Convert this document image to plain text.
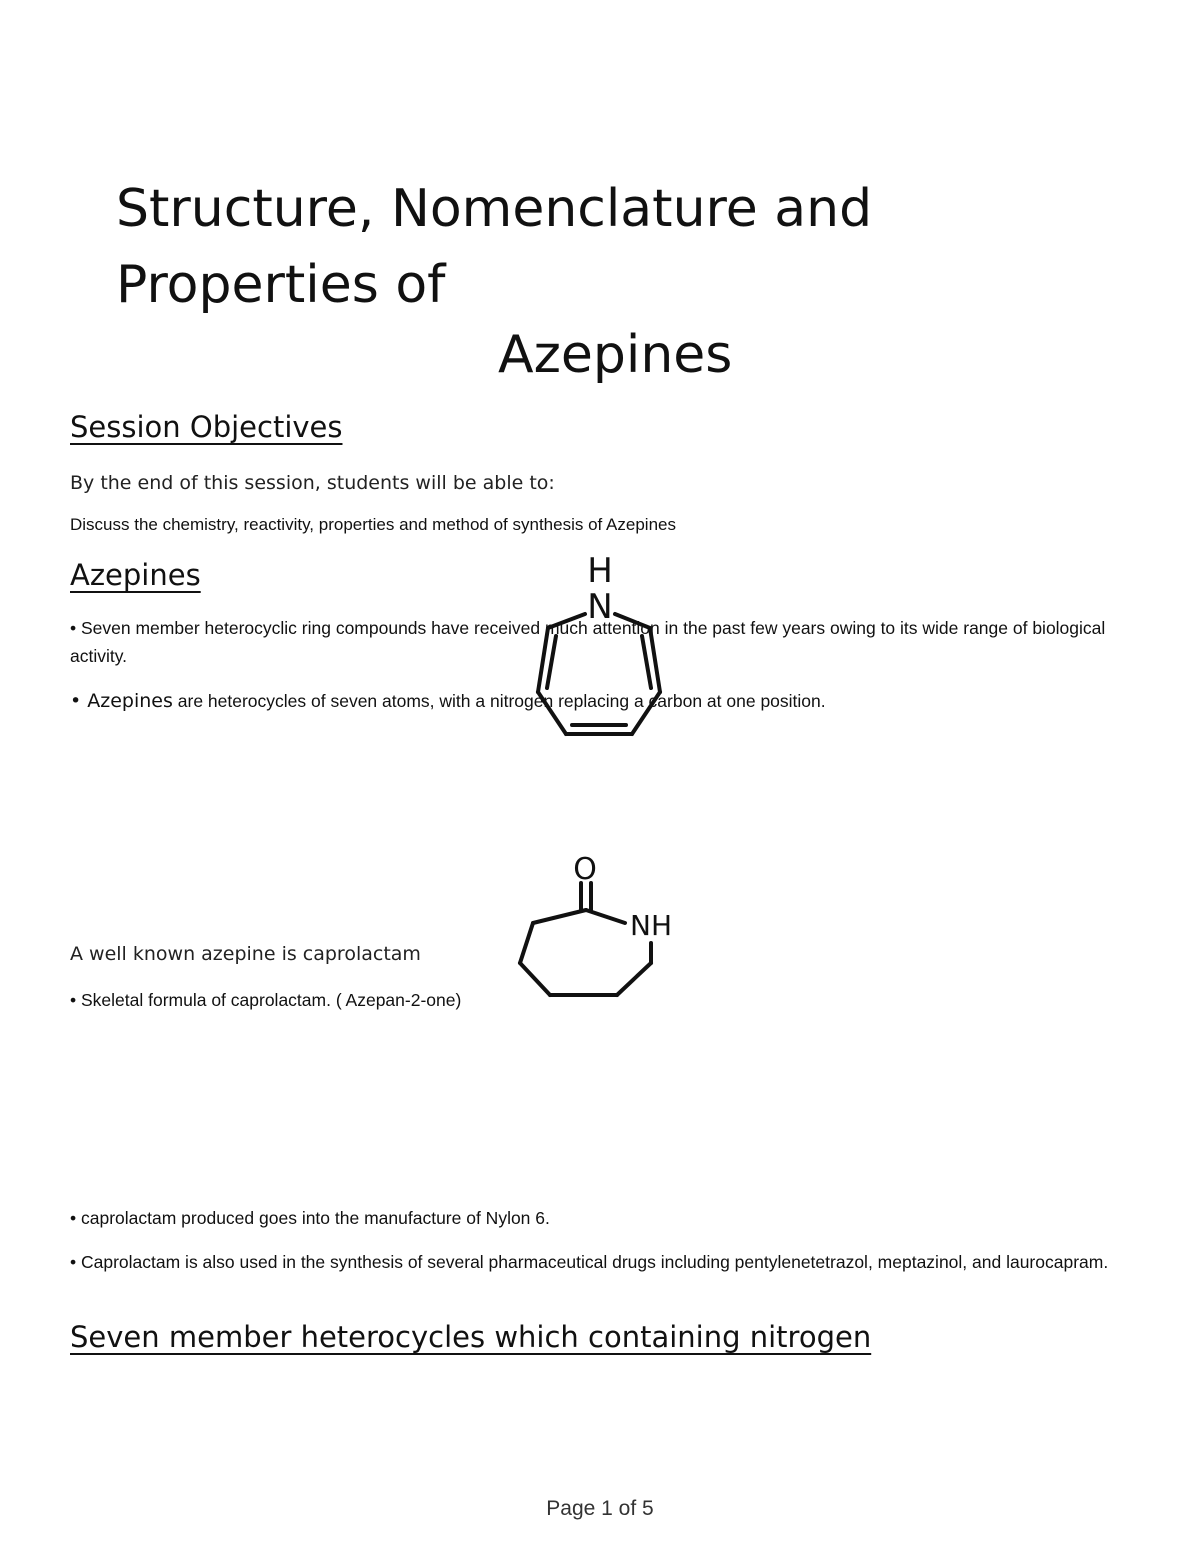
Structure, Nomenclature and
Properties of
Azepines
Session Objectives
By the end of this session, students will be able to:
Discuss the chemistry, reactivity, properties and method of synthesis of Azepines
Azepines
• Seven member heterocyclic ring compounds have received much attention in the past few years owing to its wide range of biological activity.
• Azepines are heterocycles of seven atoms, with a nitrogen replacing a carbon at one position.
H
N
A well known azepine is caprolactam
• Skeletal formula of caprolactam. ( Azepan-2-one)
O
NH
• caprolactam produced goes into the manufacture of Nylon 6.
• Caprolactam is also used in the synthesis of several pharmaceutical drugs including pentylenetetrazol, meptazinol, and laurocapram.
Seven member heterocycles which containing nitrogen
Page 1 of 5
